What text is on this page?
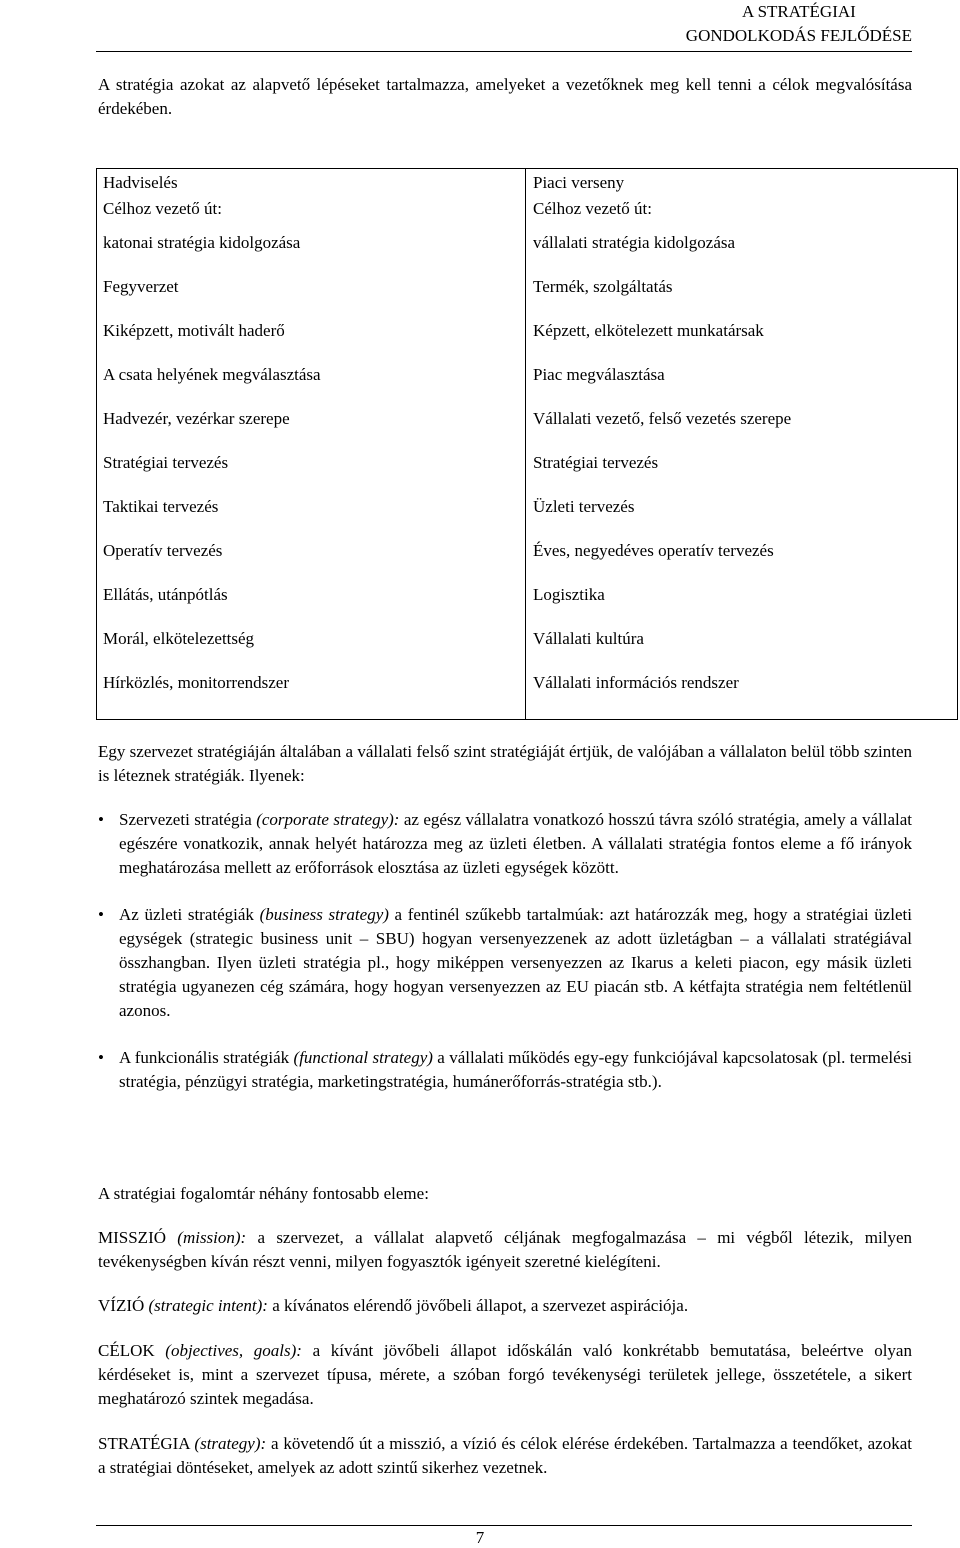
A STRATÉGIAI
GONDOLKODÁS FEJLŐDÉSE
A stratégia azokat az alapvető lépéseket tartalmazza, amelyeket a vezetőknek meg kell tenni a célok megvalósítása érdekében.
Hadviselés
Célhoz vezető út:
katonai stratégia kidolgozása
Fegyverzet
Kiképzett, motivált haderő
A csata helyének megválasztása
Hadvezér, vezérkar szerepe
Stratégiai tervezés
Taktikai tervezés
Operatív tervezés
Ellátás, utánpótlás
Morál, elkötelezettség
Hírközlés, monitorrendszer
Piaci verseny
Célhoz vezető út:
vállalati stratégia kidolgozása
Termék, szolgáltatás
Képzett, elkötelezett munkatársak
Piac megválasztása
Vállalati vezető, felső vezetés szerepe
Stratégiai tervezés
Üzleti tervezés
Éves, negyedéves operatív tervezés
Logisztika
Vállalati kultúra
Vállalati információs rendszer
Egy szervezet stratégiáján általában a vállalati felső szint stratégiáját értjük, de valójában a vállalaton belül több szinten is léteznek stratégiák. Ilyenek:
• Szervezeti stratégia (corporate strategy): az egész vállalatra vonatkozó hosszú távra szóló stratégia, amely a vállalat egészére vonatkozik, annak helyét határozza meg az üzleti életben. A vállalati stratégia fontos eleme a fő irányok meghatározása mellett az erőforrások elosztása az üzleti egységek között.
• Az üzleti stratégiák (business strategy) a fentinél szűkebb tartalmúak: azt határozzák meg, hogy a stratégiai üzleti egységek (strategic business unit – SBU) hogyan versenyezzenek az adott üzletágban – a vállalati stratégiával összhangban. Ilyen üzleti stratégia pl., hogy miképpen versenyezzen az Ikarus a keleti piacon, egy másik üzleti stratégia ugyanezen cég számára, hogy hogyan versenyezzen az EU piacán stb. A kétfajta stratégia nem feltétlenül azonos.
• A funkcionális stratégiák (functional strategy) a vállalati működés egy-egy funkciójával kapcsolatosak (pl. termelési stratégia, pénzügyi stratégia, marketingstratégia, humánerőforrás-stratégia stb.).
A stratégiai fogalomtár néhány fontosabb eleme:
MISSZIÓ (mission): a szervezet, a vállalat alapvető céljának megfogalmazása – mi végből létezik, milyen tevékenységben kíván részt venni, milyen fogyasztók igényeit szeretné kielégíteni.
VÍZIÓ (strategic intent): a kívánatos elérendő jövőbeli állapot, a szervezet aspirációja.
CÉLOK (objectives, goals): a kívánt jövőbeli állapot időskálán való konkrétabb bemutatása, beleértve olyan kérdéseket is, mint a szervezet típusa, mérete, a szóban forgó tevékenységi területek jellege, összetétele, a sikert meghatározó szintek megadása.
STRATÉGIA (strategy): a követendő út a misszió, a vízió és célok elérése érdekében. Tartalmazza a teendőket, azokat a stratégiai döntéseket, amelyek az adott szintű sikerhez vezetnek.
7
